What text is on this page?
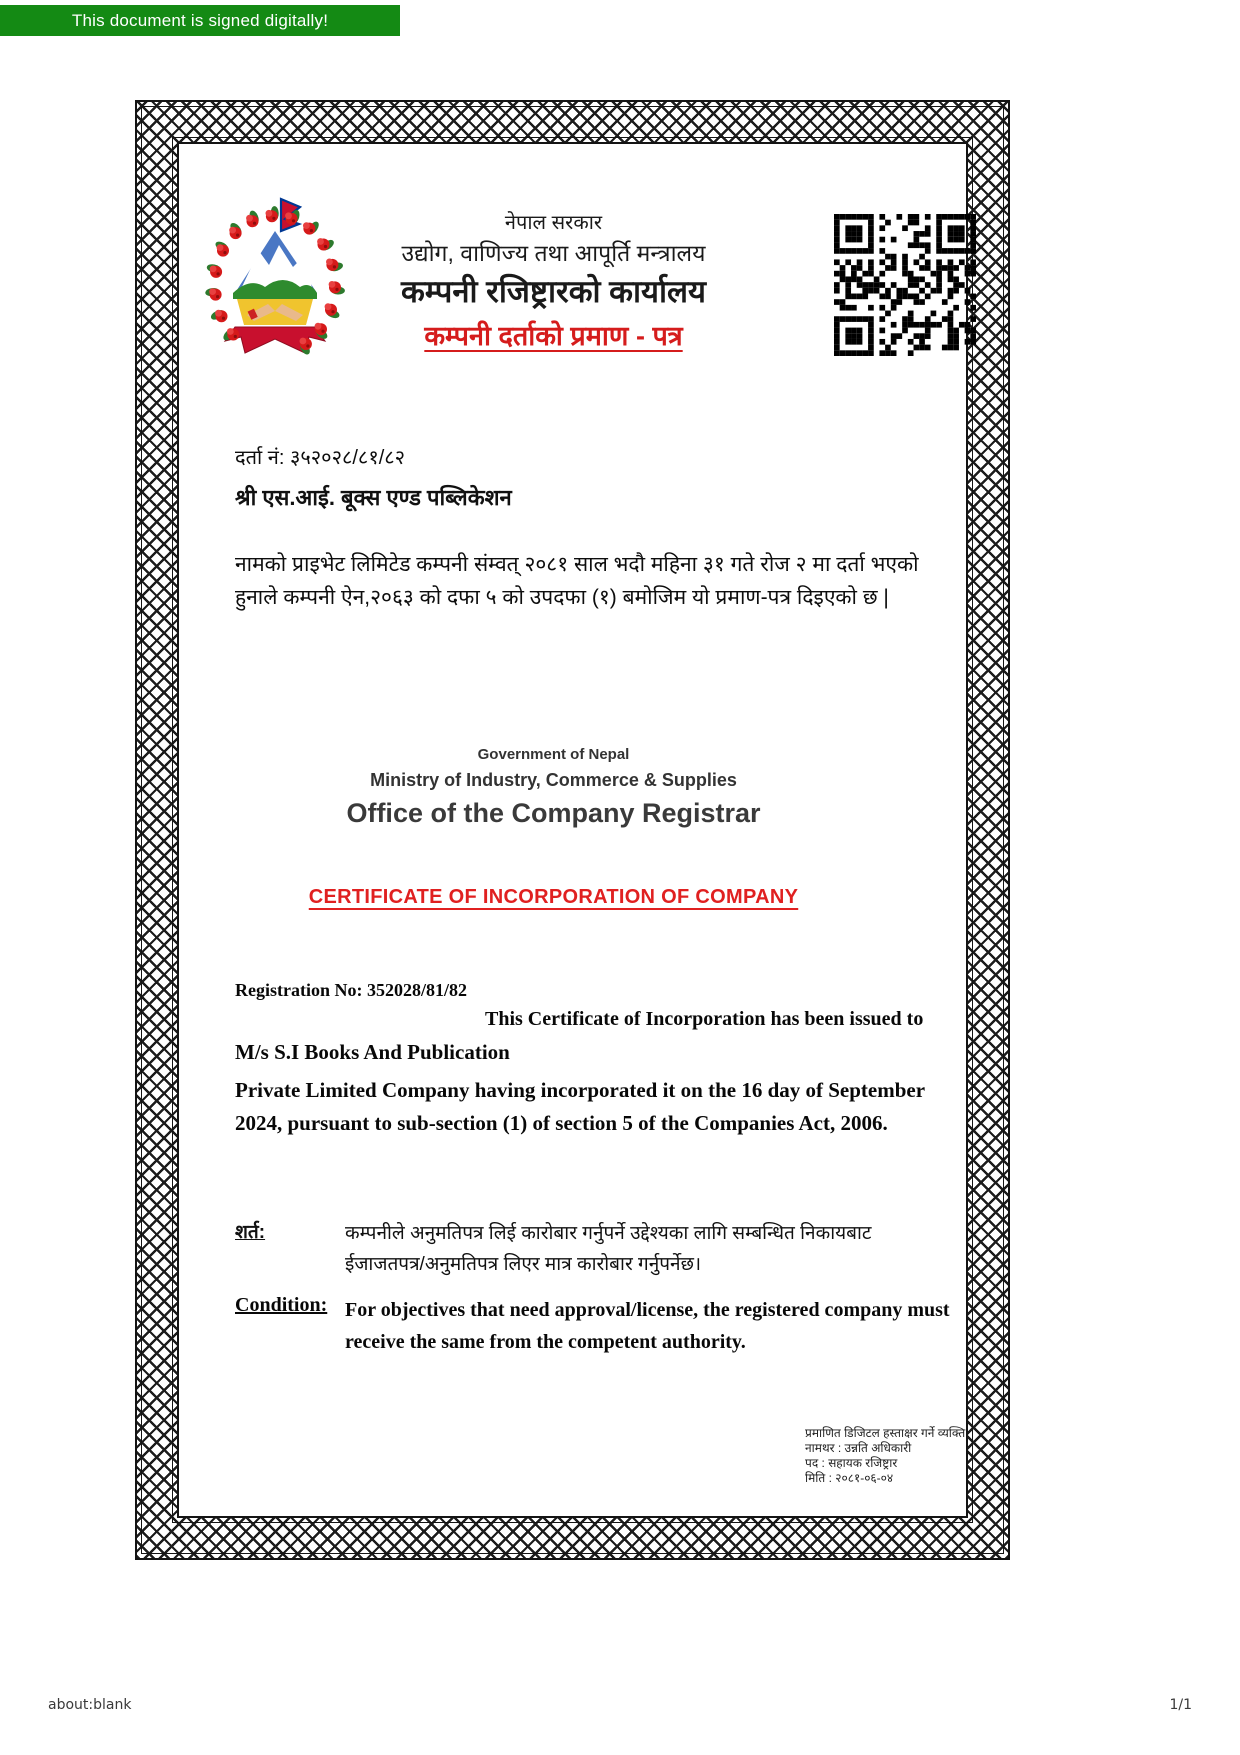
This document is signed digitally!
नेपाल सरकार
उद्योग, वाणिज्य तथा आपूर्ति मन्त्रालय
कम्पनी रजिष्ट्रारको कार्यालय
कम्पनी दर्ताको प्रमाण - पत्र
दर्ता नं: ३५२०२८/८१/८२
श्री एस.आई. बूक्स एण्ड पब्लिकेशन
नामको प्राइभेट लिमिटेड कम्पनी संम्वत् २०८१ साल भदौ महिना ३१ गते रोज २ मा दर्ता भएको हुनाले कम्पनी ऐन,२०६३ को दफा ५ को उपदफा (१) बमोजिम यो प्रमाण-पत्र दिइएको छ |
Government of Nepal
Ministry of Industry, Commerce & Supplies
Office of the Company Registrar
CERTIFICATE OF INCORPORATION OF COMPANY
Registration No: 352028/81/82
This Certificate of Incorporation has been issued to
M/s S.I Books And Publication
Private Limited Company having incorporated it on the 16 day of September 2024, pursuant to sub-section (1) of section 5 of the Companies Act, 2006.
शर्त:	कम्पनीले अनुमतिपत्र लिई कारोबार गर्नुपर्ने उद्देश्यका लागि सम्बन्धित निकायबाट ईजाजतपत्र/अनुमतिपत्र लिएर मात्र कारोबार गर्नुपर्नेछ।
Condition: For objectives that need approval/license, the registered company must receive the same from the competent authority.
प्रमाणित डिजिटल हस्ताक्षर गर्ने व्यक्ति
नामथर : उन्नति अधिकारी
पद : सहायक रजिष्ट्रार
मिति : २०८१-०६-०४
about:blank	1/1
